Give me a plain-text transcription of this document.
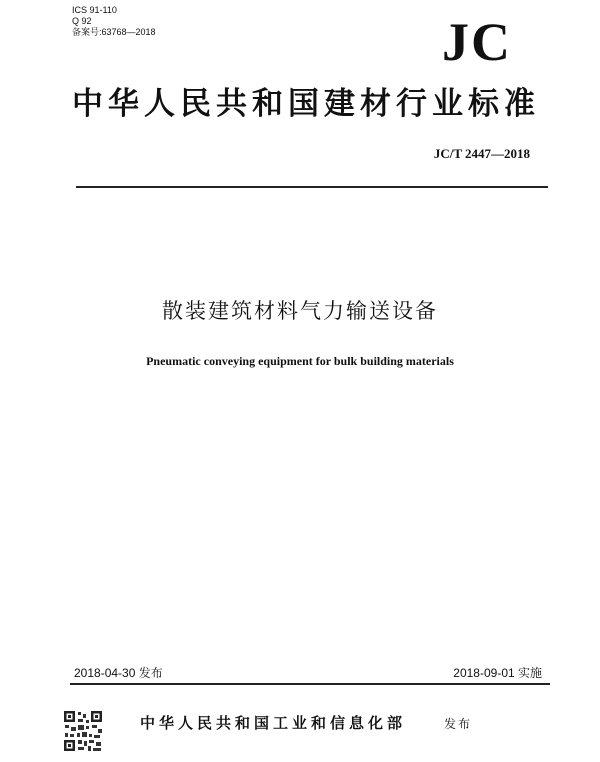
ICS 91-110
Q 92
备案号:63768—2018	JC
中华人民共和国建材行业标准
JC/T 2447—2018
散装建筑材料气力输送设备
Pneumatic conveying equipment for bulk building materials
2018-04-30 发布	2018-09-01 实施
中华人民共和国工业和信息化部	发布
